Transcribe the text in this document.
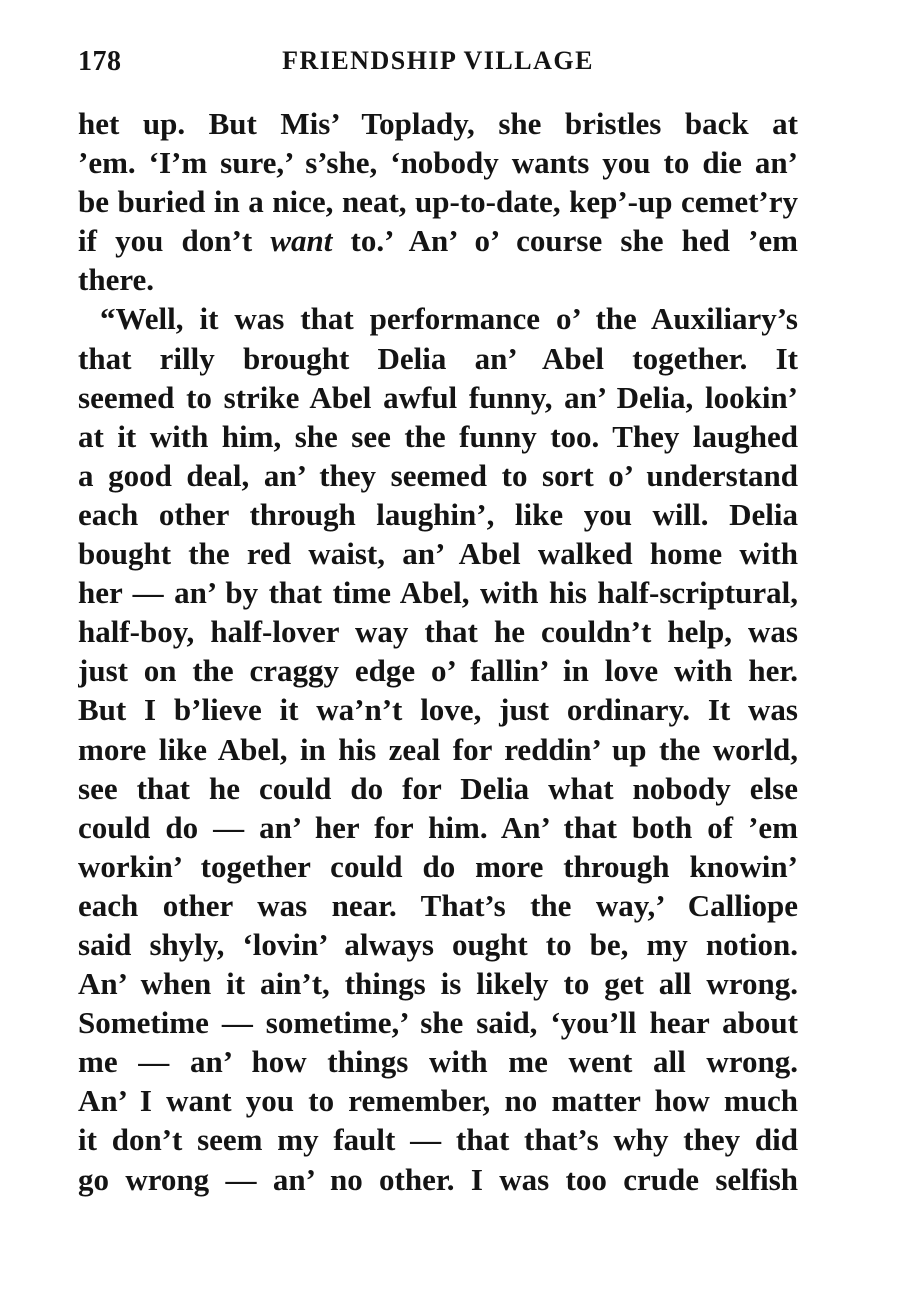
178	FRIENDSHIP VILLAGE
het up. But Mis’ Toplady, she bristles back at
’em. ‘I’m sure,’ s’she, ‘nobody wants you to die an’
be buried in a nice, neat, up-to-date, kep’-up cemet’ry
if you don’t want to.’ An’ o’ course she hed ’em
there.
“Well, it was that performance o’ the Auxiliary’s
that rilly brought Delia an’ Abel together. It
seemed to strike Abel awful funny, an’ Delia, lookin’
at it with him, she see the funny too. They laughed
a good deal, an’ they seemed to sort o’ understand
each other through laughin’, like you will. Delia
bought the red waist, an’ Abel walked home with
her — an’ by that time Abel, with his half-scriptural,
half-boy, half-lover way that he couldn’t help, was
just on the craggy edge o’ fallin’ in love with her.
But I b’lieve it wa’n’t love, just ordinary. It was
more like Abel, in his zeal for reddin’ up the world,
see that he could do for Delia what nobody else
could do — an’ her for him. An’ that both of ’em
workin’ together could do more through knowin’
each other was near. That’s the way,’ Calliope
said shyly, ‘lovin’ always ought to be, my notion.
An’ when it ain’t, things is likely to get all wrong.
Sometime — sometime,’ she said, ‘you’ll hear about
me — an’ how things with me went all wrong.
An’ I want you to remember, no matter how much
it don’t seem my fault — that that’s why they did
go wrong — an’ no other. I was too crude selfish
